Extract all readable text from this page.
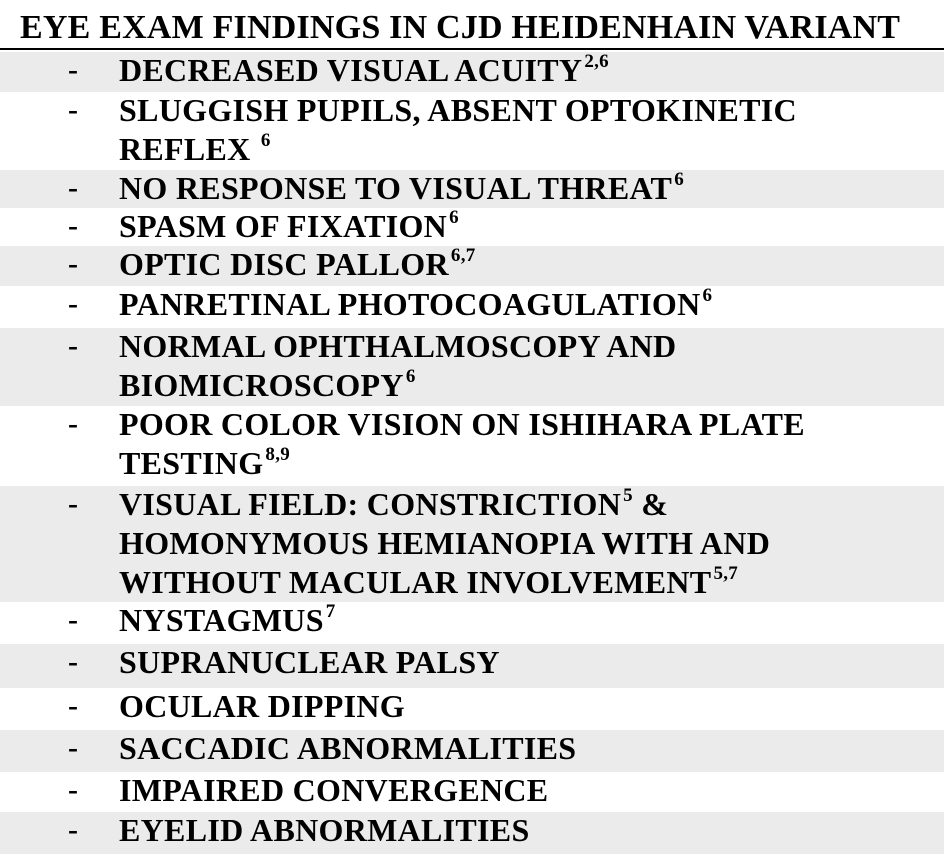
EYE EXAM FINDINGS IN CJD HEIDENHAIN VARIANT
- DECREASED VISUAL ACUITY $^{2,6}$
- SLUGGISH PUPILS, ABSENT OPTOKINETIC
REFLEX $^6$
- NO RESPONSE TO VISUAL THREAT $^6$
- SPASM OF FIXATION $^6$
- OPTIC DISC PALLOR $^{6,7}$
- PANRETINAL PHOTOCOAGULATION $^6$
- NORMAL OPHTHALMOSCOPY AND
BIOMICROSCOPY $^6$
- POOR COLOR VISION ON ISHIHARA PLATE
TESTING $^{8,9}$
- VISUAL FIELD: CONSTRICTION $^5$ &
HOMONYMOUS HEMIANOPIA WITH AND
WITHOUT MACULAR INVOLVEMENT $^{5,7}$
- NYSTAGMUS $^7$
- SUPRANUCLEAR PALSY
- OCULAR DIPPING
- SACCADIC ABNORMALITIES
- IMPAIRED CONVERGENCE
- EYELID ABNORMALITIES
